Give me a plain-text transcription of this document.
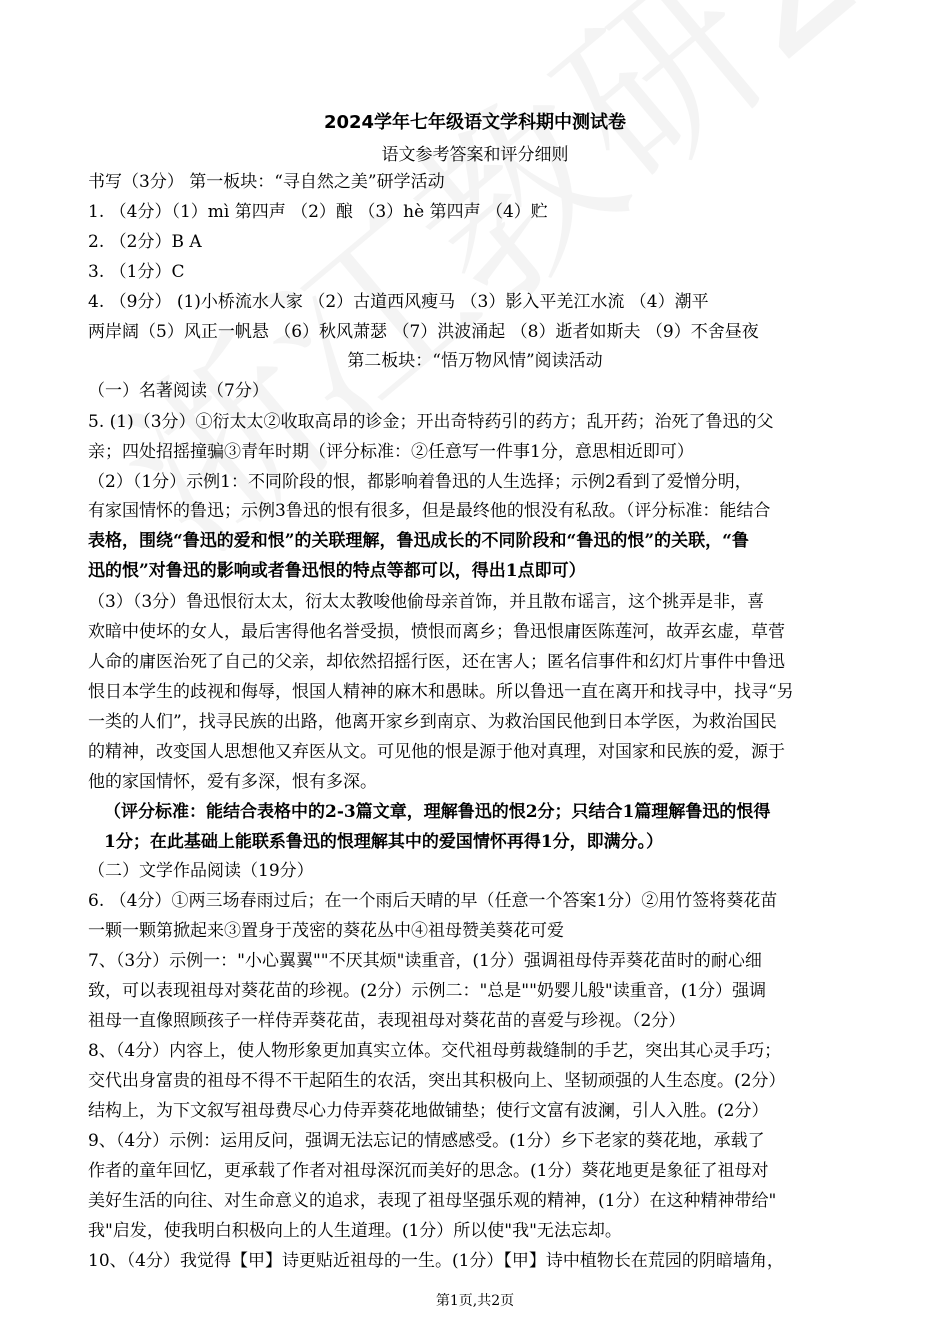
2024学年七年级语文学科期中测试卷
语文参考答案和评分细则
书写（3分） 第一板块：“寻自然之美”研学活动
1. （4分）（1）mì 第四声 （2）酿 （3）hè 第四声 （4）贮
2. （2分）B A
3. （1分）C
4. （9分） (1)小桥流水人家 （2）古道西风瘦马 （3）影入平羌江水流 （4）潮平
两岸阔（5）风正一帆悬 （6）秋风萧瑟 （7）洪波涌起 （8）逝者如斯夫 （9）不舍昼夜
第二板块：“悟万物风情”阅读活动
（一）名著阅读（7分）
5. (1)（3分）①衍太太②收取高昂的诊金；开出奇特药引的药方；乱开药；治死了鲁迅的父
亲；四处招摇撞骗③青年时期（评分标准：②任意写一件事1分，意思相近即可）
（2）（1分）示例1：不同阶段的恨，都影响着鲁迅的人生选择；示例2看到了爱憎分明，
有家国情怀的鲁迅；示例3鲁迅的恨有很多，但是最终他的恨没有私敌。（评分标准：能结合
表格，围绕“鲁迅的爱和恨”的关联理解，鲁迅成长的不同阶段和“鲁迅的恨”的关联，“鲁
迅的恨”对鲁迅的影响或者鲁迅恨的特点等都可以，得出1点即可）
（3）（3分）鲁迅恨衍太太，衍太太教唆他偷母亲首饰，并且散布谣言，这个挑弄是非，喜
欢暗中使坏的女人，最后害得他名誉受损，愤恨而离乡；鲁迅恨庸医陈莲河，故弄玄虚，草菅
人命的庸医治死了自己的父亲，却依然招摇行医，还在害人；匿名信事件和幻灯片事件中鲁迅
恨日本学生的歧视和侮辱，恨国人精神的麻木和愚昧。所以鲁迅一直在离开和找寻中，找寻“另
一类的人们”，找寻民族的出路，他离开家乡到南京、为救治国民他到日本学医，为救治国民
的精神，改变国人思想他又弃医从文。可见他的恨是源于他对真理，对国家和民族的爱，源于
他的家国情怀，爱有多深，恨有多深。
（评分标准：能结合表格中的2-3篇文章，理解鲁迅的恨2分；只结合1篇理解鲁迅的恨得
1分；在此基础上能联系鲁迅的恨理解其中的爱国情怀再得1分，即满分。）
（二）文学作品阅读（19分）
6. （4分）①两三场春雨过后；在一个雨后天晴的早（任意一个答案1分）②用竹签将葵花苗
一颗一颗第掀起来③置身于茂密的葵花丛中④祖母赞美葵花可爱
7、（3分）示例一："小心翼翼""不厌其烦"读重音，(1分）强调祖母侍弄葵花苗时的耐心细
致，可以表现祖母对葵花苗的珍视。(2分）示例二："总是""奶婴儿般"读重音，(1分）强调
祖母一直像照顾孩子一样侍弄葵花苗，表现祖母对葵花苗的喜爱与珍视。（2分）
8、（4分）内容上，使人物形象更加真实立体。交代祖母剪裁缝制的手艺，突出其心灵手巧；
交代出身富贵的祖母不得不干起陌生的农活，突出其积极向上、坚韧顽强的人生态度。(2分）
结构上，为下文叙写祖母费尽心力侍弄葵花地做铺垫；使行文富有波澜，引人入胜。(2分）
9、（4分）示例：运用反问，强调无法忘记的情感感受。(1分）乡下老家的葵花地，承载了
作者的童年回忆，更承载了作者对祖母深沉而美好的思念。(1分）葵花地更是象征了祖母对
美好生活的向往、对生命意义的追求，表现了祖母坚强乐观的精神，(1分）在这种精神带给"
我"启发，使我明白积极向上的人生道理。(1分）所以使"我"无法忘却。
10、（4分）我觉得【甲】诗更贴近祖母的一生。(1分）【甲】诗中植物长在荒园的阴暗墙角，
第1页,共2页
